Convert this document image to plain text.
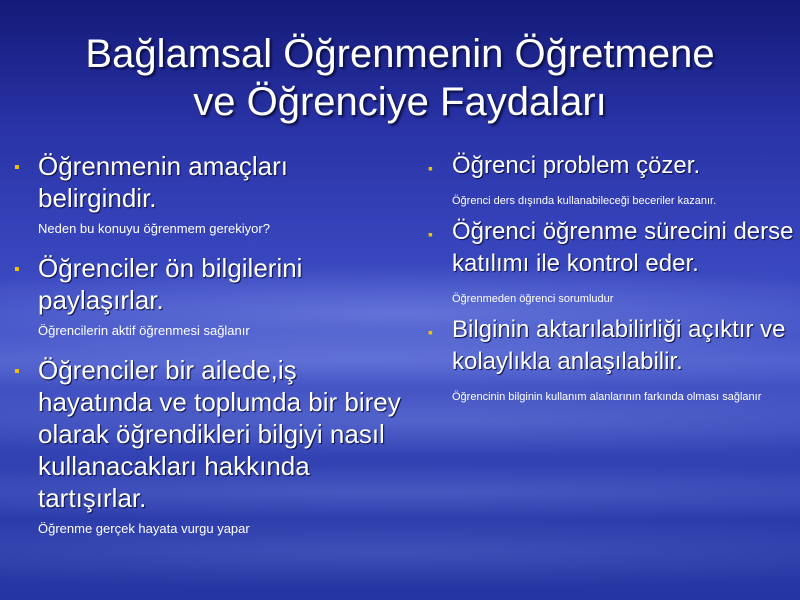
Bağlamsal Öğrenmenin Öğretmene
ve Öğrenciye Faydaları
▪ Öğrenmenin amaçları belirgindir.
Neden bu konuyu öğrenmem gerekiyor?
▪ Öğrenciler ön bilgilerini paylaşırlar.
Öğrencilerin aktif öğrenmesi sağlanır
▪ Öğrenciler bir ailede,iş hayatında ve toplumda bir birey olarak öğrendikleri bilgiyi nasıl kullanacakları hakkında tartışırlar.
Öğrenme gerçek hayata vurgu yapar
▪ Öğrenci problem çözer.
Öğrenci ders dışında kullanabileceği beceriler kazanır.
▪ Öğrenci öğrenme sürecini derse katılımı ile kontrol eder.
Öğrenmeden öğrenci sorumludur
▪ Bilginin aktarılabilirliği açıktır ve kolaylıkla anlaşılabilir.
Öğrencinin bilginin kullanım alanlarının farkında olması sağlanır
